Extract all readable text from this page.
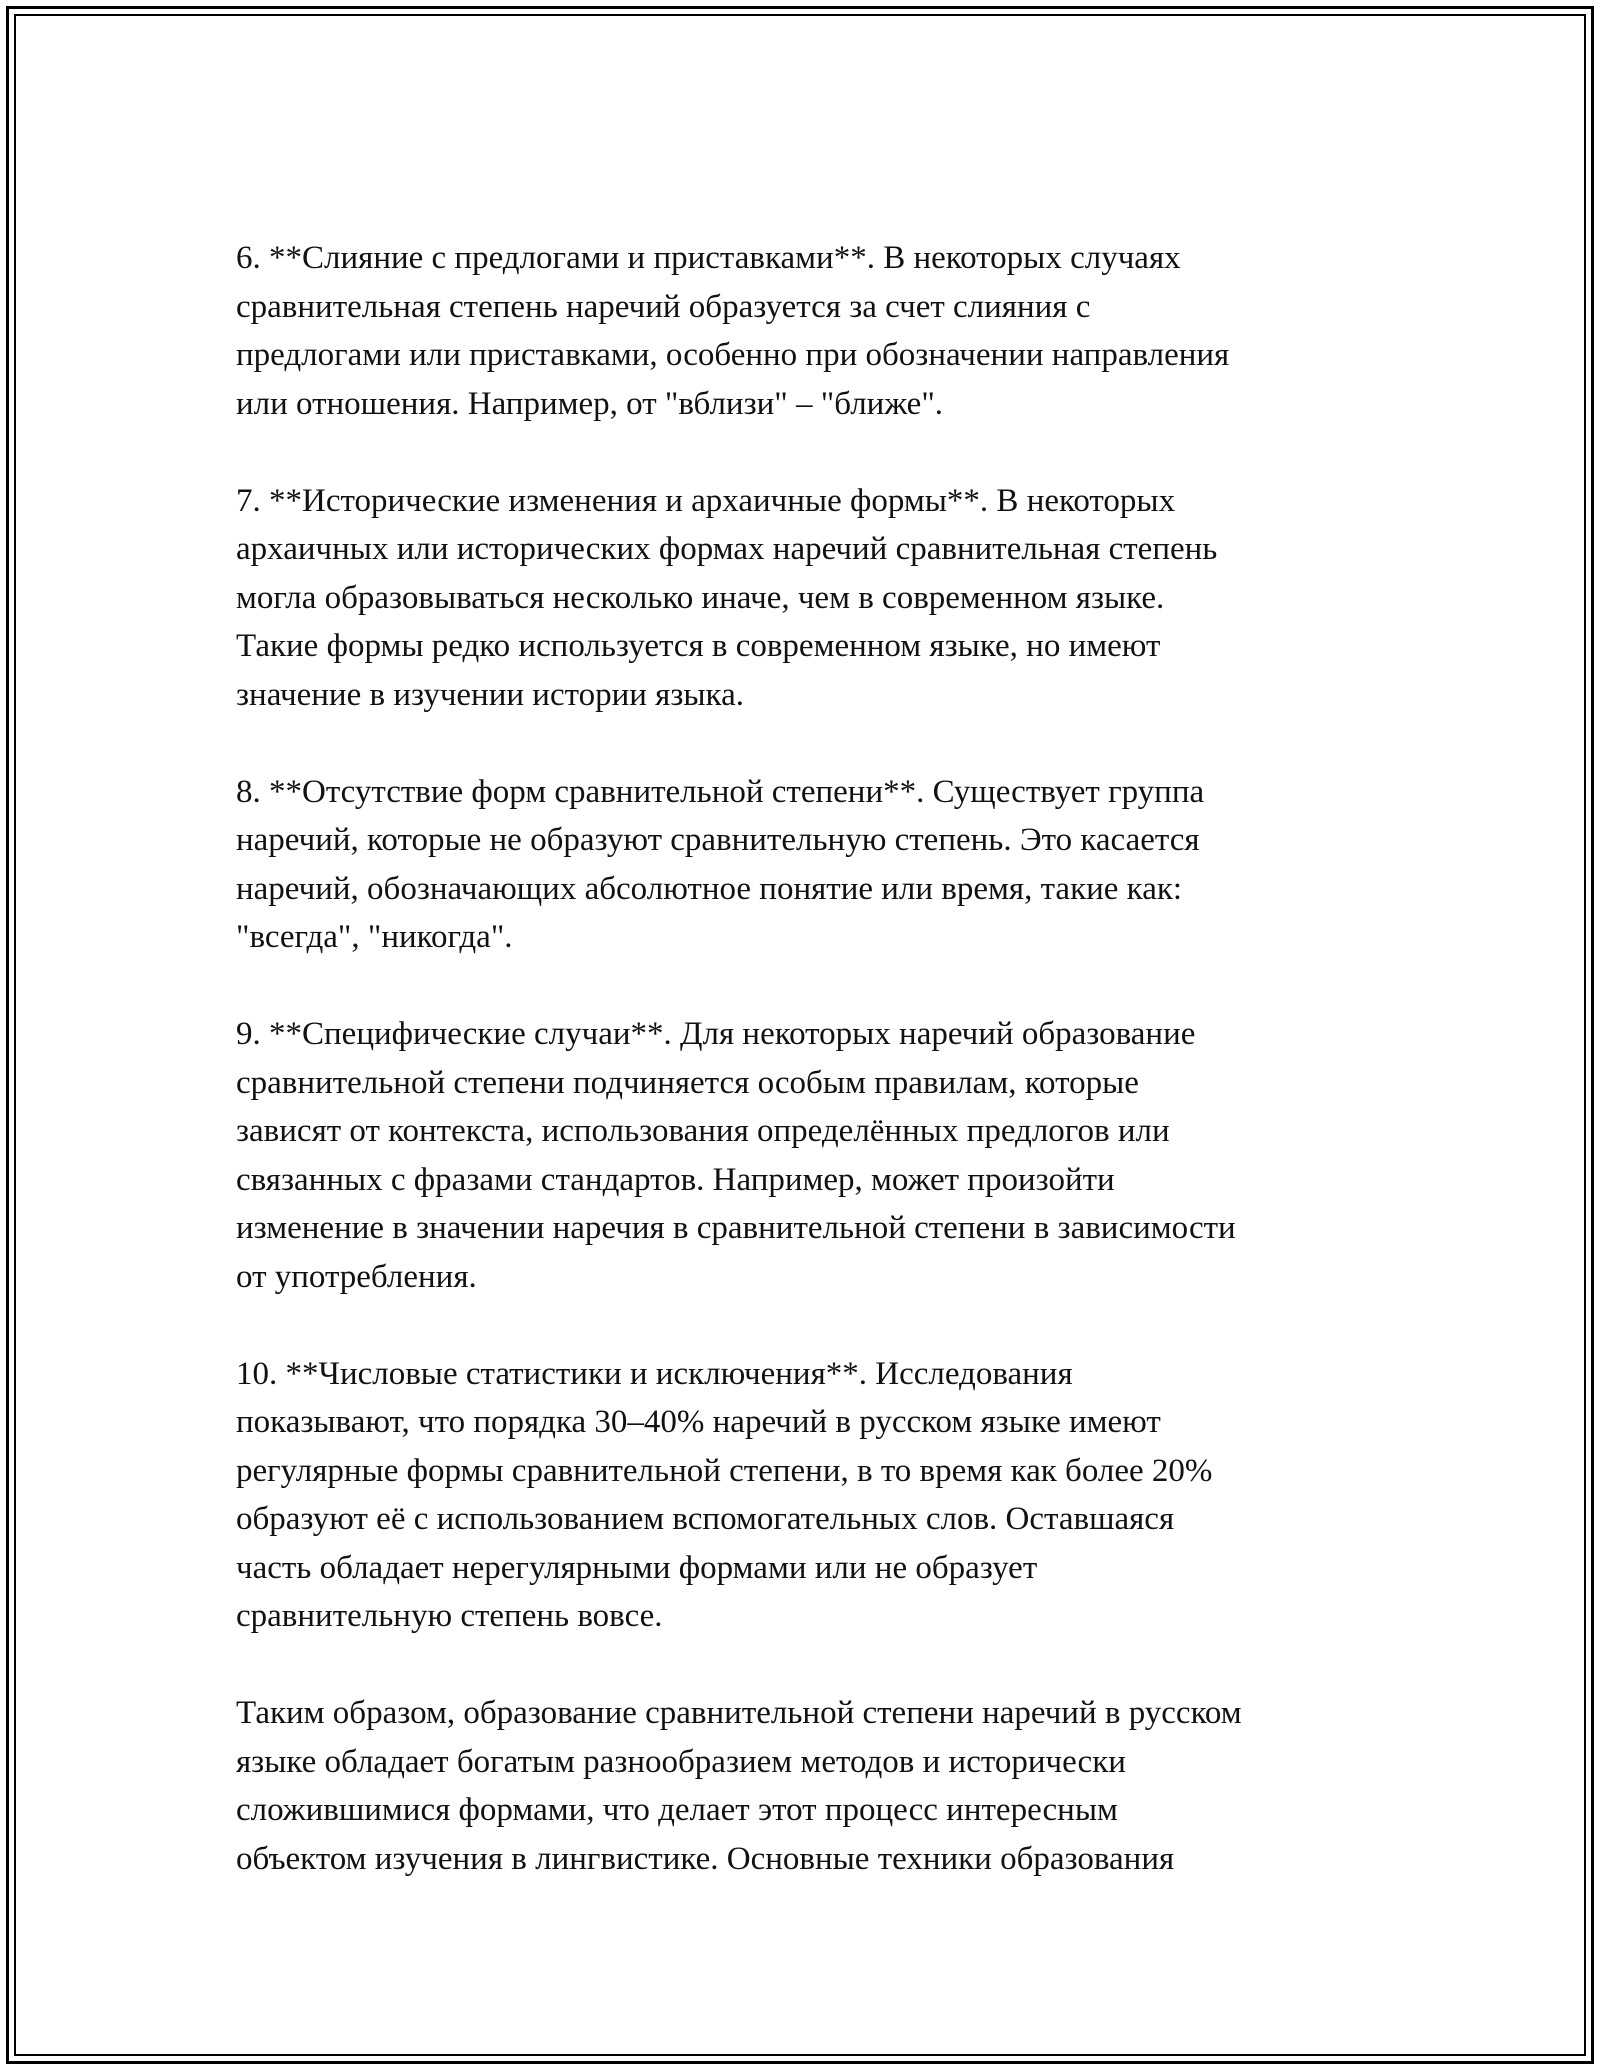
6. **Слияние с предлогами и приставками**. В некоторых случаях
сравнительная степень наречий образуется за счет слияния с
предлогами или приставками, особенно при обозначении направления
или отношения. Например, от "вблизи" – "ближе".

7. **Исторические изменения и архаичные формы**. В некоторых
архаичных или исторических формах наречий сравнительная степень
могла образовываться несколько иначе, чем в современном языке.
Такие формы редко используется в современном языке, но имеют
значение в изучении истории языка.

8. **Отсутствие форм сравнительной степени**. Существует группа
наречий, которые не образуют сравнительную степень. Это касается
наречий, обозначающих абсолютное понятие или время, такие как:
"всегда", "никогда".

9. **Специфические случаи**. Для некоторых наречий образование
сравнительной степени подчиняется особым правилам, которые
зависят от контекста, использования определённых предлогов или
связанных с фразами стандартов. Например, может произойти
изменение в значении наречия в сравнительной степени в зависимости
от употребления.

10. **Числовые статистики и исключения**. Исследования
показывают, что порядка 30–40% наречий в русском языке имеют
регулярные формы сравнительной степени, в то время как более 20%
образуют её с использованием вспомогательных слов. Оставшаяся
часть обладает нерегулярными формами или не образует
сравнительную степень вовсе.

Таким образом, образование сравнительной степени наречий в русском
языке обладает богатым разнообразием методов и исторически
сложившимися формами, что делает этот процесс интересным
объектом изучения в лингвистике. Основные техники образования
